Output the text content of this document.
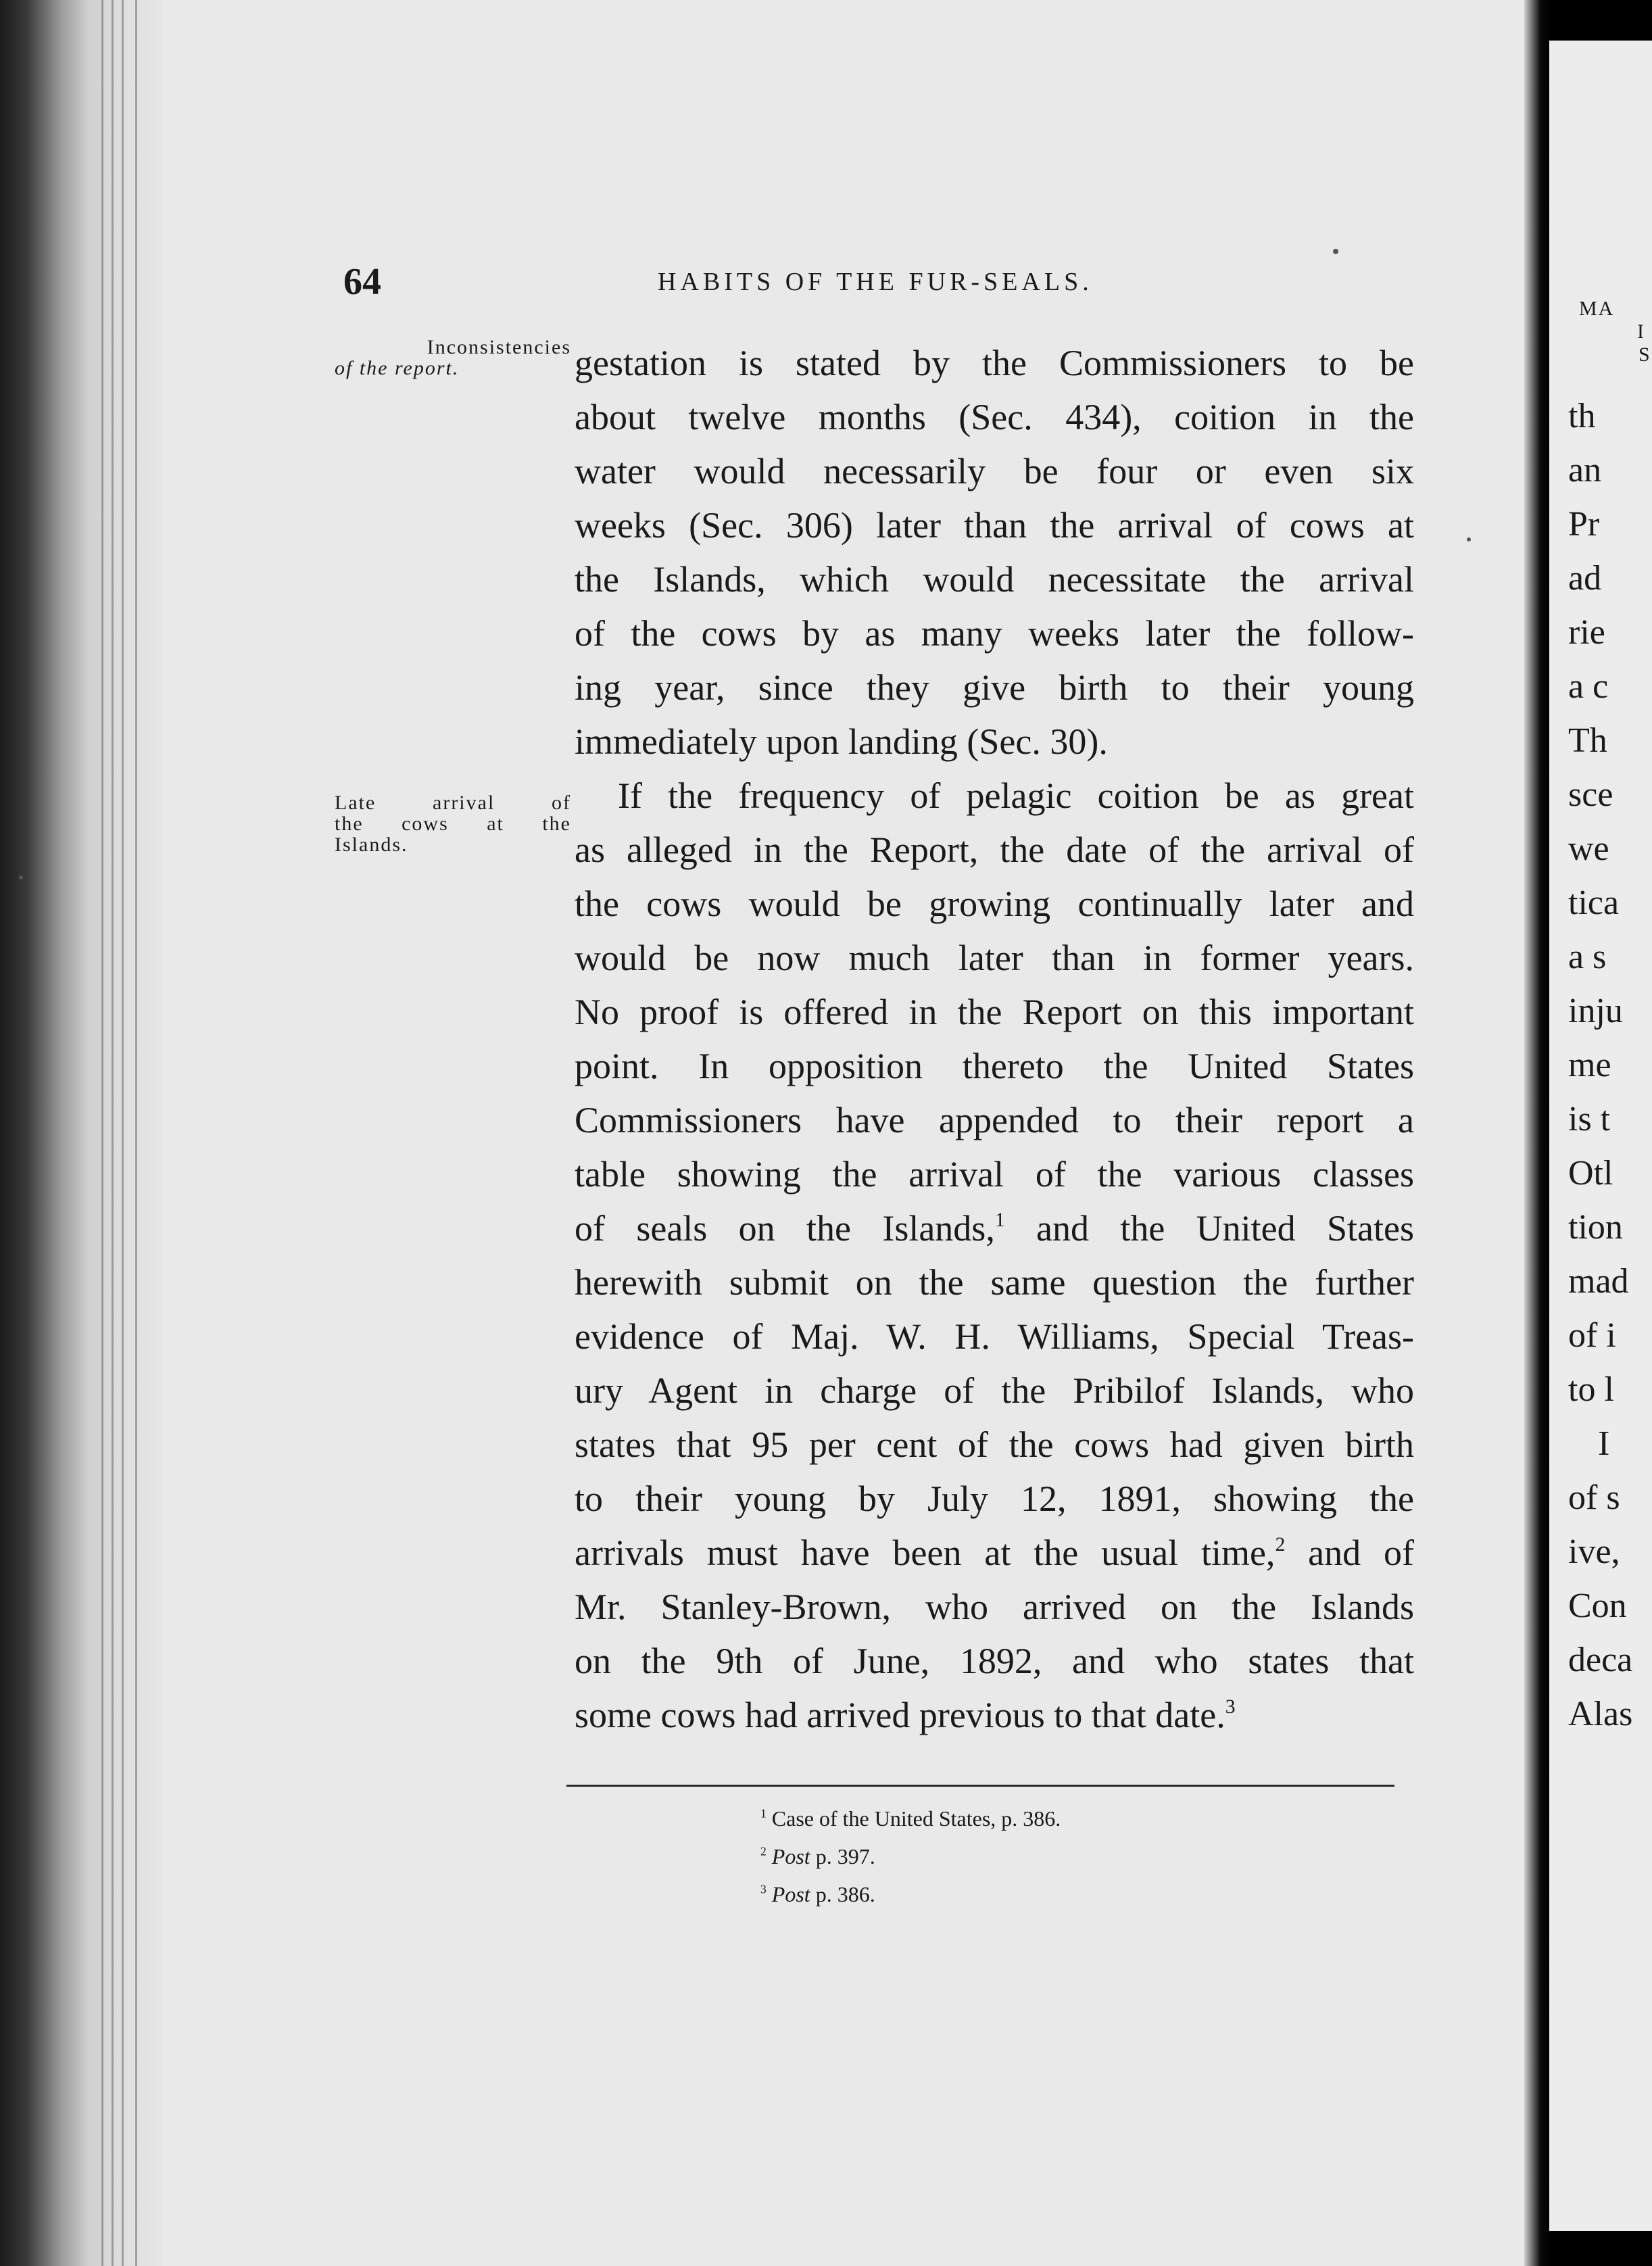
64	HABITS OF THE FUR-SEALS.
Inconsistencies
of the report.
Late arrival of
the cows at the
Islands.
gestation is stated by the Commissioners to be
about twelve months (Sec. 434), coition in the
water would necessarily be four or even six
weeks (Sec. 306) later than the arrival of cows at
the Islands, which would necessitate the arrival
of the cows by as many weeks later the follow-
ing year, since they give birth to their young
immediately upon landing (Sec. 30).
If the frequency of pelagic coition be as great
as alleged in the Report, the date of the arrival of
the cows would be growing continually later and
would be now much later than in former years.
No proof is offered in the Report on this important
point. In opposition thereto the United States
Commissioners have appended to their report a
table showing the arrival of the various classes
of seals on the Islands,$^1$ and the United States
herewith submit on the same question the further
evidence of Maj. W. H. Williams, Special Treas-
ury Agent in charge of the Pribilof Islands, who
states that 95 per cent of the cows had given birth
to their young by July 12, 1891, showing the
arrivals must have been at the usual time,$^2$ and of
Mr. Stanley-Brown, who arrived on the Islands
on the 9th of June, 1892, and who states that
some cows had arrived previous to that date.$^3$
$^1$ Case of the United States, p. 386.
$^2$ Post p. 397.
$^3$ Post p. 386.
MA
I
S
th
an
Pr
ad
rie
a c
Th
sce
we
tica
a s
inju
me
is t
Otl
tion
mad
of i
to l
I
of s
ive,
Con
deca
Alas
